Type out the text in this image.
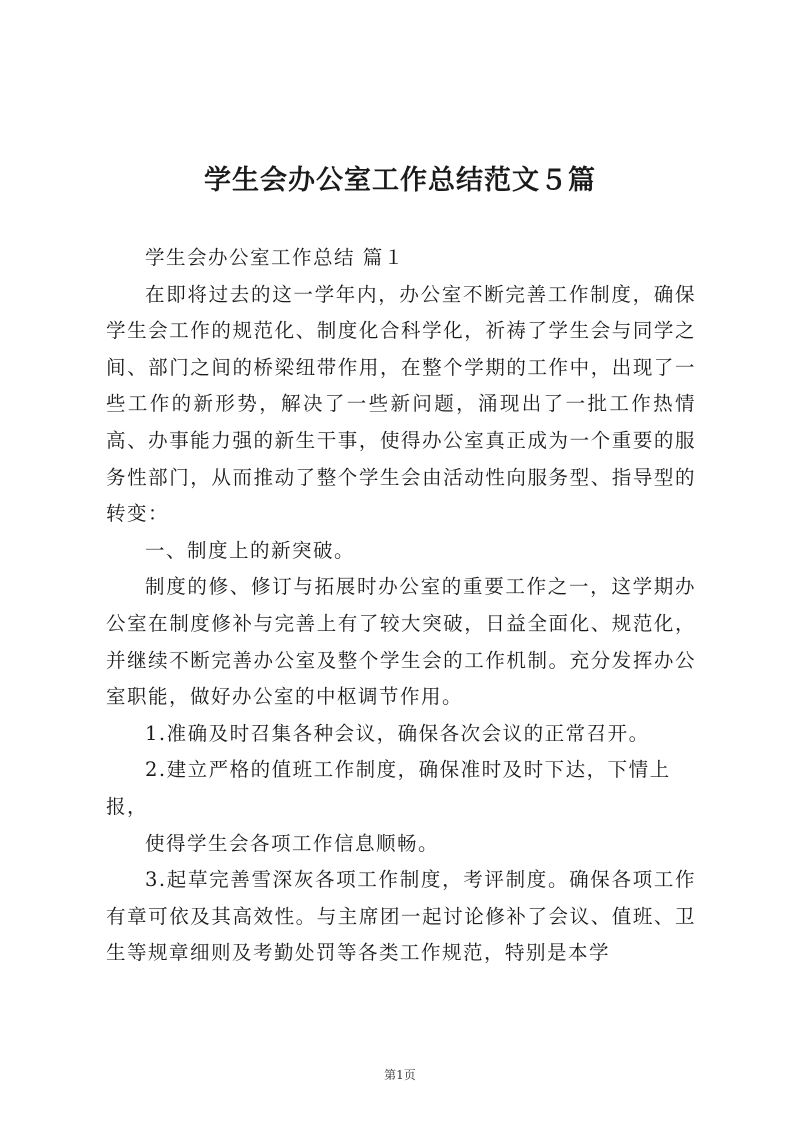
学生会办公室工作总结范文５篇

学生会办公室工作总结 篇１

在即将过去的这一学年内，办公室不断完善工作制度，确保学生会工作的规范化、制度化合科学化，祈祷了学生会与同学之间、部门之间的桥梁纽带作用，在整个学期的工作中，出现了一些工作的新形势，解决了一些新问题，涌现出了一批工作热情高、办事能力强的新生干事，使得办公室真正成为一个重要的服务性部门，从而推动了整个学生会由活动性向服务型、指导型的转变：

一、制度上的新突破。

制度的修、修订与拓展时办公室的重要工作之一，这学期办公室在制度修补与完善上有了较大突破，日益全面化、规范化，并继续不断完善办公室及整个学生会的工作机制。充分发挥办公室职能，做好办公室的中枢调节作用。

1.准确及时召集各种会议，确保各次会议的正常召开。

2.建立严格的值班工作制度，确保准时及时下达，下情上报，

使得学生会各项工作信息顺畅。

3.起草完善雪深灰各项工作制度，考评制度。确保各项工作有章可依及其高效性。与主席团一起讨论修补了会议、值班、卫生等规章细则及考勤处罚等各类工作规范，特别是本学

第1页
